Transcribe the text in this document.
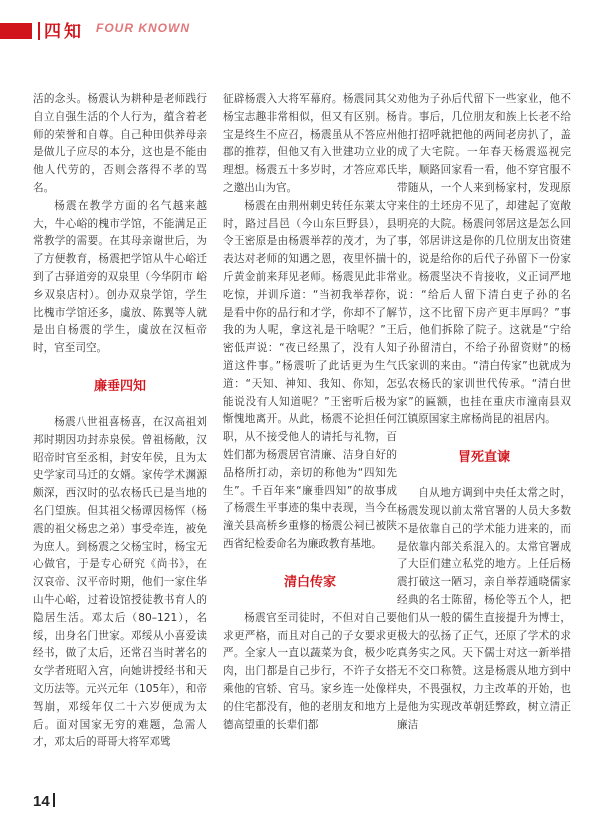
四知 FOUR KNOWN

活的念头。杨震认为耕种是老师践行自立自强生活的个人行为，蕴含着老师的荣誉和自尊。自己种田供养母亲是做儿子应尽的本分，这也是不能由他人代劳的，否则会落得不孝的骂名。

杨震在教学方面的名气越来越大，牛心峪的槐市学馆，不能满足正常教学的需要。在其母亲谢世后，为了方便教育，杨震把学馆从牛心峪迁到了古驿道旁的双泉里（今华阴市 峪乡双泉店村）。创办双泉学馆，学生比槐市学馆还多，虞放、陈翼等人就是出自杨震的学生，虞放在汉桓帝时，官至司空。

廉垂四知

杨震八世祖喜杨喜，在汉高祖刘邦时期因功封赤泉侯。曾祖杨敞，汉昭帝时官至丞相，封安年侯，且为太史学家司马迁的女婿。家传学术渊源颇深，西汉时的弘农杨氏已是当地的名门望族。但其祖父杨谭因杨恽（杨震的祖父杨忠之弟）事受牵连，被免为庶人。到杨震之父杨宝时，杨宝无心做官，于是专心研究《尚书》，在汉哀帝、汉平帝时期，他们一家住华山牛心峪，过着设馆授徒教书育人的隐居生活。邓太后（80–121），名绥，出身名门世家。邓绥从小喜爱读经书，做了太后，还常召当时著名的女学者班昭入宫，向她讲授经书和天文历法等。元兴元年（105年），和帝驾崩，邓绥年仅二十六岁便成为太后。面对国家无穷的难题，急需人才，邓太后的哥哥大将军邓骘

征辟杨震入大将军幕府。杨震同其父杨宝志趣非常相似，但又有区别。杨宝是终生不应召，杨震虽从不答应州郡的推荐，但他又有入世建功立业的理想。杨震五十多岁时，才答应邓氏之邀出山为官。

杨震在由荆州刺史转任东莱太守时，路过昌邑（今山东巨野县），县令王密原是由杨震举荐的茂才，为了表达对老师的知遇之恩，夜里怀揣十斤黄金前来拜见老师。杨震见此非常吃惊，并训斥道：“当初我举荐你，是看中你的品行和才学，你却不了解我的为人呢，拿这礼是干啥呢？”王密低声说：“夜已经黑了，没有人知道这件事。”杨震听了此话更为生气道：“天知、神知、我知、你知，怎能说没有人知道呢？”王密听后极为惭愧地离开。从此，杨震不论担任何职，从不接受他人的请托与礼物，百姓们都为杨震居官清廉、洁身自好的品格所打动，亲切的称他为“四知先生”。千百年来“廉垂四知”的故事成了杨震生平事迹的集中表现，当今在潼关县高桥乡重修的杨震公祠已被陕西省纪检委命名为廉政教育基地。

清白传家

杨震官至司徒时，不但对自己要求更严格，而且对自己的子女要求更严。全家人一直以蔬菜为食，极少吃肉，出门都是自己步行，不许子女搭乘他的官轿、官马。家乡连一处像样的住宅都没有，他的老朋友和地方上德高望重的长辈们都

劝他为子孙后代留下一些家业，他不肯。事后，几位朋友和族上长老不给他打招呼就把他的两间老房扒了，盖成了大宅院。一年春天杨震巡视完毕，顺路回家看一看，他不穿官服不带随从，一个人来到杨家村，发现原来住的土坯房不见了，却建起了宽敞明亮的大院。杨震问邻居这是怎么回事，邻居讲这是你的几位朋友出资建的，说是给你的后代子孙留下一份家业。杨震坚决不肯接收，义正词严地说：“给后人留下清白吏子孙的名节，这不比留下房产更丰厚吗？”事后，他们拆除了院子。这就是“宁给子孙留清白，不给子孙留资财”的杨氏家训的来由。“清白传家”也就成为弘农杨氏的家训世代传承。“清白世家”的匾额，也挂在重庆市潼南县双江镇原国家主席杨尚昆的祖居内。

冒死直谏

自从地方调到中央任太常之时，杨震发现以前太常官署的人员大多数不是依靠自己的学术能力进来的，而是依靠内部关系混入的。太常官署成了大臣们建立私党的地方。上任后杨震打破这一陋习，亲自举荐通晓儒家经典的名士陈留，杨伦等五个人，把他们从一般的儒生直接提升为博士，极大的弘扬了正气，还原了学术的求真务实之风。天下儒士对这一新举措无不交口称赞。这是杨震从地方到中央，不畏强权，力主改革的开始，也是他为实现改革朝廷弊政，树立清正廉洁

14
